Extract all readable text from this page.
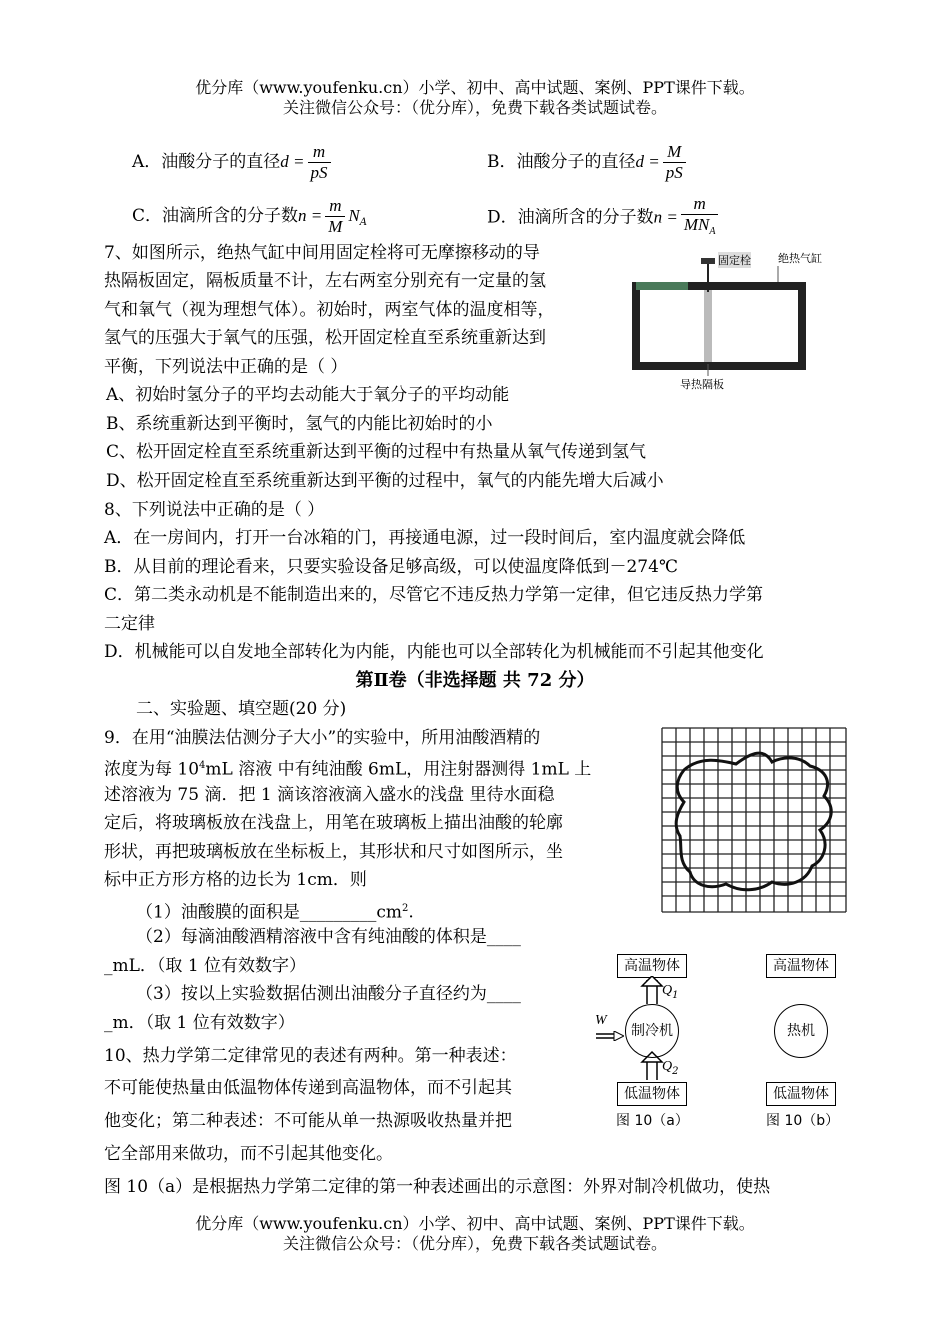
优分库（www.youfenku.cn）小学、初中、高中试题、案例、PPT课件下载。
关注微信公众号：（优分库），免费下载各类试题试卷。
A．油酸分子的直径$d = \frac{m}{pS}$	B．油酸分子的直径$d = \frac{M}{pS}$
C．油滴所含的分子数$n = \frac{m}{M} N_A$	D．油滴所含的分子数$n = \frac{m}{MN_A}$
7、如图所示，绝热气缸中间用固定栓将可无摩擦移动的导
热隔板固定，隔板质量不计，左右两室分别充有一定量的氢
气和氧气（视为理想气体）。初始时，两室气体的温度相等，
氢气的压强大于氧气的压强，松开固定栓直至系统重新达到
平衡，下列说法中正确的是（ ）
A、初始时氢分子的平均去动能大于氧分子的平均动能
B、系统重新达到平衡时，氢气的内能比初始时的小
C、松开固定栓直至系统重新达到平衡的过程中有热量从氧气传递到氢气
D、松开固定栓直至系统重新达到平衡的过程中，氧气的内能先增大后减小
固定栓 绝热气缸
导热隔板
8、下列说法中正确的是（ ）
A．在一房间内，打开一台冰箱的门，再接通电源，过一段时间后，室内温度就会降低
B．从目前的理论看来，只要实验设备足够高级，可以使温度降低到－274℃
C．第二类永动机是不能制造出来的，尽管它不违反热力学第一定律，但它违反热力学第
二定律
D．机械能可以自发地全部转化为内能，内能也可以全部转化为机械能而不引起其他变化
第Ⅱ卷（非选择题 共 72 分）
二、实验题、填空题(20 分)
9．在用“油膜法估测分子大小”的实验中，所用油酸酒精的
浓度为每 $10^4mL$ 溶液 中有纯油酸 6mL，用注射器测得 1mL 上
述溶液为 75 滴．把 1 滴该溶液滴入盛水的浅盘 里待水面稳
定后，将玻璃板放在浅盘上，用笔在玻璃板上描出油酸的轮廓
形状，再把玻璃板放在坐标板上，其形状和尺寸如图所示，坐
标中正方形方格的边长为 1cm．则
（1）油酸膜的面积是$\_\_\_\_\_\_\_\_\_cm^2$.
（2）每滴油酸酒精溶液中含有纯油酸的体积是____
_mL．（取 1 位有效数字）
（3）按以上实验数据估测出油酸分子直径约为____
_m．（取 1 位有效数字）
10、热力学第二定律常见的表述有两种。第一种表述：
不可能使热量由低温物体传递到高温物体，而不引起其
他变化；第二种表述：不可能从单一热源吸收热量并把
它全部用来做功，而不引起其他变化。
图 10（a）是根据热力学第二定律的第一种表述画出的示意图：外界对制冷机做功，使热
高温物体
制冷机
W
$Q_1$
$Q_2$
低温物体
图 10（a）
高温物体
热机
低温物体
图 10（b）
优分库（www.youfenku.cn）小学、初中、高中试题、案例、PPT课件下载。
关注微信公众号：（优分库），免费下载各类试题试卷。
